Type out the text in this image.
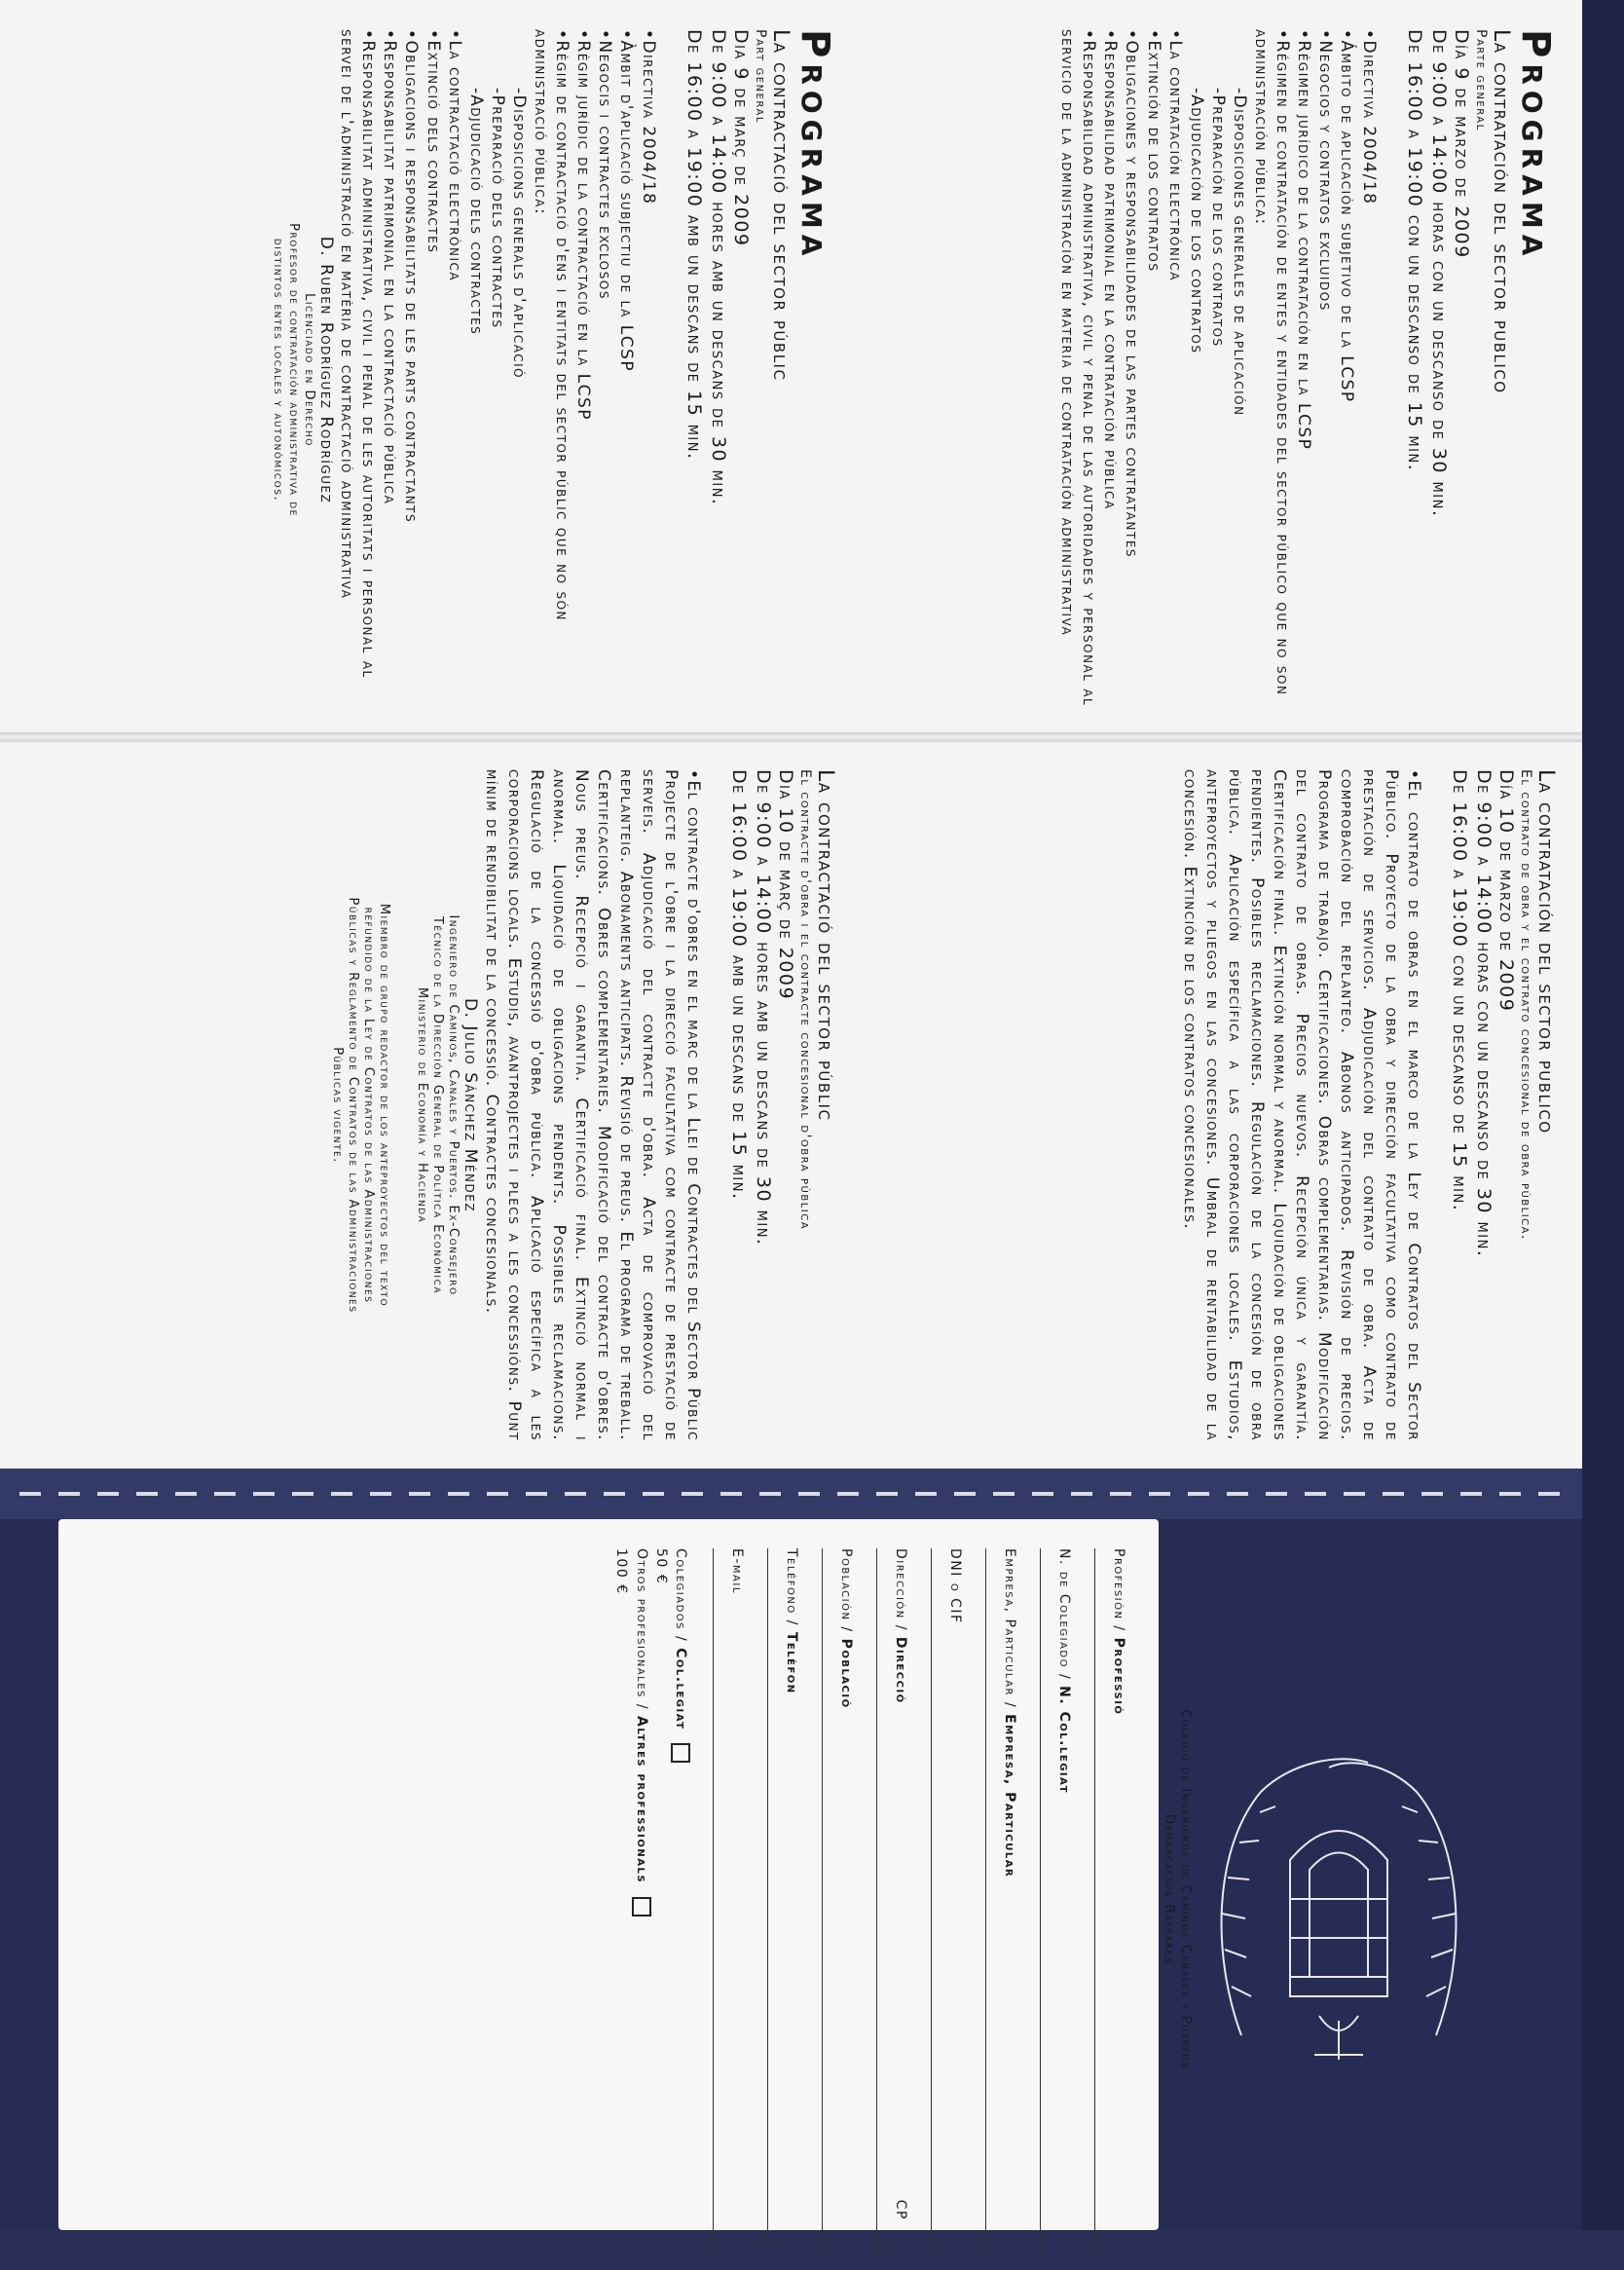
Programa

La contratación del sector publico

Parte general

Día 9 de marzo de 2009

De 9:00 a 14:00 horas con un descanso de 30 min.

De 16:00 a 19:00 con un descanso de 15 min.

•Directiva 2004/18
•Ámbito de aplicación subjetivo de la LCSP
•Negocios y contratos excluidos
•Régimen jurídico de la contratación en la LCSP
•Régimen de contratación de entes y entidades del sector público que no son administración pública:
-Disposiciones generales de aplicación
-Preparación de los contratos
-Adjudicación de los contratos
•La contratación electrónica
•Extinción de los contratos
•Obligaciones y responsabilidades de las partes contratantes
•Responsabilidad patrimonial en la contratación pública
•Responsabilidad administrativa, civil y penal de las autoridades y personal al servicio de la administración en materia de contratación administrativa

Programa

La contractació del sector públic

Part general

Dia 9 de març de 2009

De 9:00 a 14:00 hores amb un descans de 30 min.

De 16:00 a 19:00 amb un descans de 15 min.

•Directiva 2004/18
•Àmbit d'aplicació subjectiu de la LCSP
•Negocis i contractes exclosos
•Règim jurídic de la contractació en la LCSP
•Règim de contractació d'ens i entitats del sector públic que no són administració pública:
-Disposicions generals d'aplicació
-Preparació dels contractes
-Adjudicació dels contractes
•La contractació electrònica
•Extinció dels contractes
•Obligacions i responsabilitats de les parts contractants
•Responsabilitat patrimonial en la contractació pública
•Responsabilitat administrativa, civil i penal de les autoritats i personal al servei de l'administració en matèria de contractació administrativa

D. Ruben Rodríguez Rodríguez

Licenciado en Derecho

Profesor de contratación administrativa de

distintos entes locales y autonómicos.

La contratación del sector publico

El contrato de obra y el contrato concesional de obra pública.

Día 10 de marzo de 2009

De 9:00 a 14:00 horas con un descanso de 30 min.

De 16:00 a 19:00 con un descanso de 15 min.

•El contrato de obras en el marco de la Ley de Contratos del Sector Público. Proyecto de la obra y dirección facultativa como contrato de prestación de servicios. Adjudicación del contrato de obra. Acta de comprobación del replanteo. Abonos anticipados. Revisión de precios. Programa de trabajo. Certificaciones. Obras complementarias. Modificación del contrato de obras. Precios nuevos. Recepción única y garantía. Certificación final. Extinción normal y anormal. Liquidación de obligaciones pendientes. Posibles reclamaciones. Regulación de la concesión de obra pública. Aplicación específica a las corporaciones locales. Estudios, anteproyectos y pliegos en las concesiones. Umbral de rentabilidad de la concesión. Extinción de los contratos concesionales.

La contractació del sector públic

El contracte d'obra i el contracte concesional d'obra pública

Dia 10 de març de 2009

De 9:00 a 14:00 hores amb un descans de 30 min.

De 16:00 a 19:00 amb un descans de 15 min.

•El contracte d'obres en el marc de la Llei de Contractes del Sector Públic Projecte de l'obre i la direcció facultativa com contracte de prestació de serveis. Adjudicació del contracte d'obra. Acta de comprovació del replanteig. Abonaments anticipats. Revisió de preus. El programa de treball. Certificacions. Obres complementaries. Modificació del contracte d'obres. Nous preus. Recepció i garantia. Certificació final. Extinció normal i anormal. Liquidació de obligacions pendents. Possibles reclamacions. Regulació de la concessió d'obra pública. Aplicació específica a les corporacions locals. Estudis, avantprojectes i plecs a les concessións. Punt mínim de rendibilitat de la concessió. Contractes concesionals.

D. Julio Sánchez Méndez

Ingeniero de Caminos, Canales y Puertos. Ex-Consejero

Técnico de la Dirección General de Política Económica

Ministerio de Economía y Hacienda

Miembro de grupo redactor de los anteproyectos del texto

refundido de la Ley de Contratos de las Administraciones

Públicas y Reglamento de Contratos de las Administraciones

Públicas vigente.

Colegio de Ingenieros de Caminos Canales y Puertos

Demarcación Baleares

Profesión / Professió
N. de Colegiado / N. Col.legiat
Empresa, Particular / Empresa, Particular
DNI o CIF
Dirección / Direcció
CP
Población / Població
Teléfono / Telèfon
E-mail

Colegiados / Col.legiat

50 €

Otros profesionales / Altres professionals

100 €
